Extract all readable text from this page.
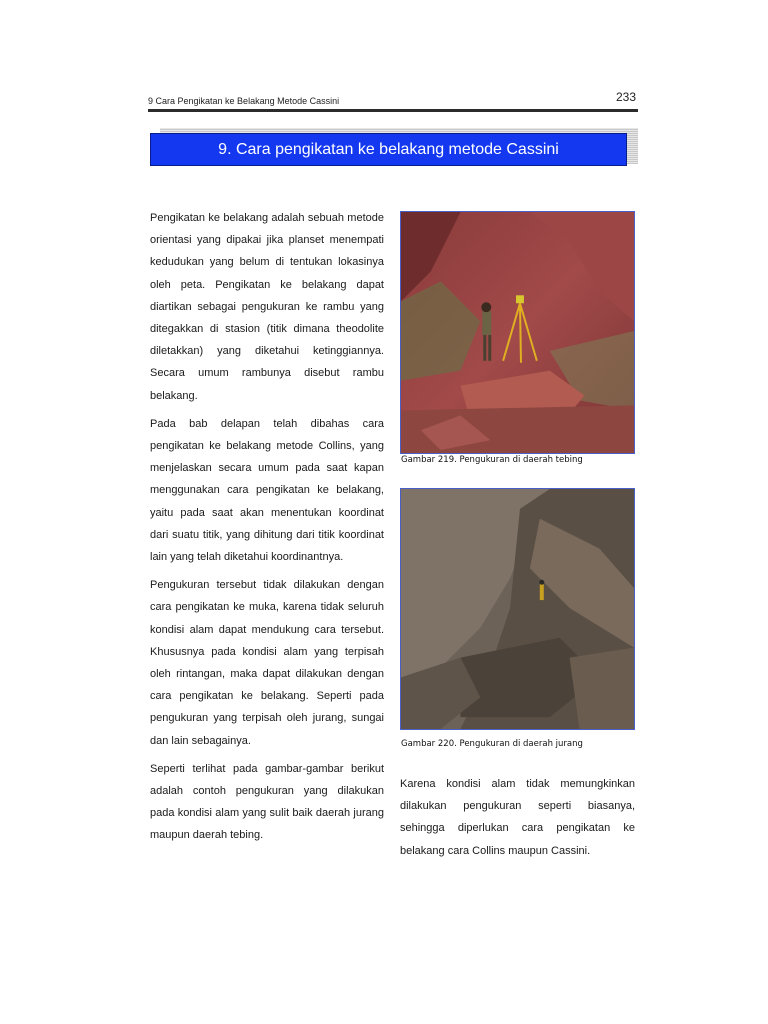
9 Cara Pengikatan ke Belakang Metode Cassini	233
9. Cara pengikatan ke belakang metode Cassini

Pengikatan ke belakang adalah sebuah metode orientasi yang dipakai jika planset menempati kedudukan yang belum di tentukan lokasinya oleh peta. Pengikatan ke belakang dapat diartikan sebagai pengukuran ke rambu yang ditegakkan di stasion (titik dimana theodolite diletakkan) yang diketahui ketinggiannya. Secara umum rambunya disebut rambu belakang.

Pada bab delapan telah dibahas cara pengikatan ke belakang metode Collins, yang menjelaskan secara umum pada saat kapan menggunakan cara pengikatan ke belakang, yaitu pada saat akan menentukan koordinat dari suatu titik, yang dihitung dari titik koordinat lain yang telah diketahui koordinantnya.

Pengukuran tersebut tidak dilakukan dengan cara pengikatan ke muka, karena tidak seluruh kondisi alam dapat mendukung cara tersebut. Khususnya pada kondisi alam yang terpisah oleh rintangan, maka dapat dilakukan dengan cara pengikatan ke belakang. Seperti pada pengukuran yang terpisah oleh jurang, sungai dan lain sebagainya.

Seperti terlihat pada gambar-gambar berikut adalah contoh pengukuran yang dilakukan pada kondisi alam yang sulit baik daerah jurang maupun daerah tebing.

Gambar 219. Pengukuran di daerah tebing
Gambar 220. Pengukuran di daerah jurang

Karena kondisi alam tidak memungkinkan dilakukan pengukuran seperti biasanya, sehingga diperlukan cara pengikatan ke belakang cara Collins maupun Cassini.
